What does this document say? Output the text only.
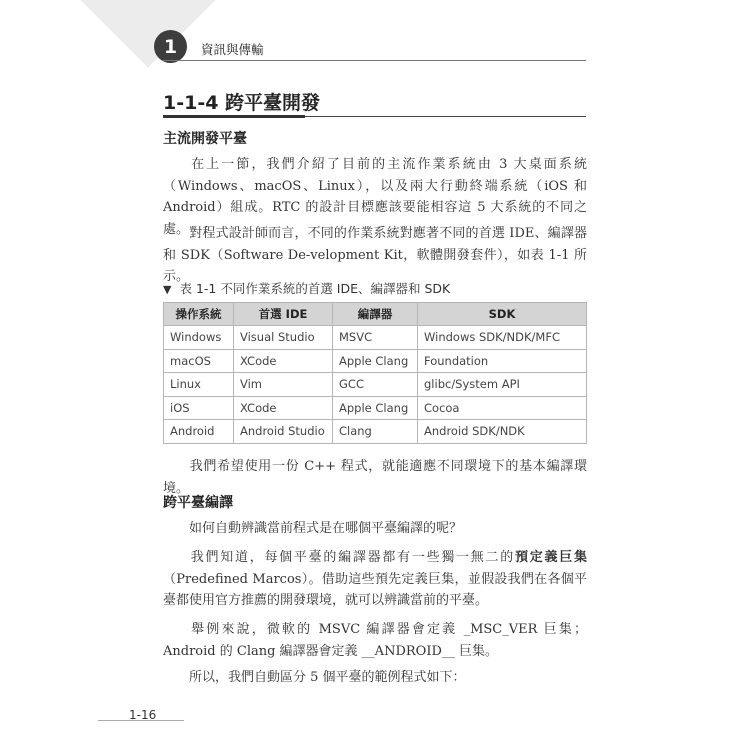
1	資訊與傳輸
1-1-4 跨平臺開發
主流開發平臺

在上一節，我們介紹了目前的主流作業系統由 3 大桌面系統（Windows、macOS、Linux），以及兩大行動終端系統（iOS 和 Android）組成。RTC 的設計目標應該要能相容這 5 大系統的不同之處。 對程式設計師而言，不同的作業系統對應著不同的首選 IDE、編譯器和 SDK（Software De-velopment Kit，軟體開發套件），如表 1-1 所示。

▼ 表 1-1 不同作業系統的首選 IDE、編譯器和 SDK
操作系統	首選 IDE	編譯器	SDK
Windows	Visual Studio	MSVC	Windows SDK/NDK/MFC
macOS	XCode	Apple Clang	Foundation
Linux	Vim	GCC	glibc/System API
iOS	XCode	Apple Clang	Cocoa
Android	Android Studio	Clang	Android SDK/NDK

我們希望使用一份 C++ 程式，就能適應不同環境下的基本編譯環境。

跨平臺編譯

如何自動辨識當前程式是在哪個平臺編譯的呢？

我們知道，每個平臺的編譯器都有一些獨一無二的預定義巨集（Predefined Marcos）。借助這些預先定義巨集，並假設我們在各個平臺都使用官方推薦的開發環境，就可以辨識當前的平臺。

舉例來說，微軟的 MSVC 編譯器會定義 _MSC_VER 巨集；Android 的 Clang 編譯器會定義 __ANDROID__ 巨集。

所以，我們自動區分 5 個平臺的範例程式如下：

1-16
